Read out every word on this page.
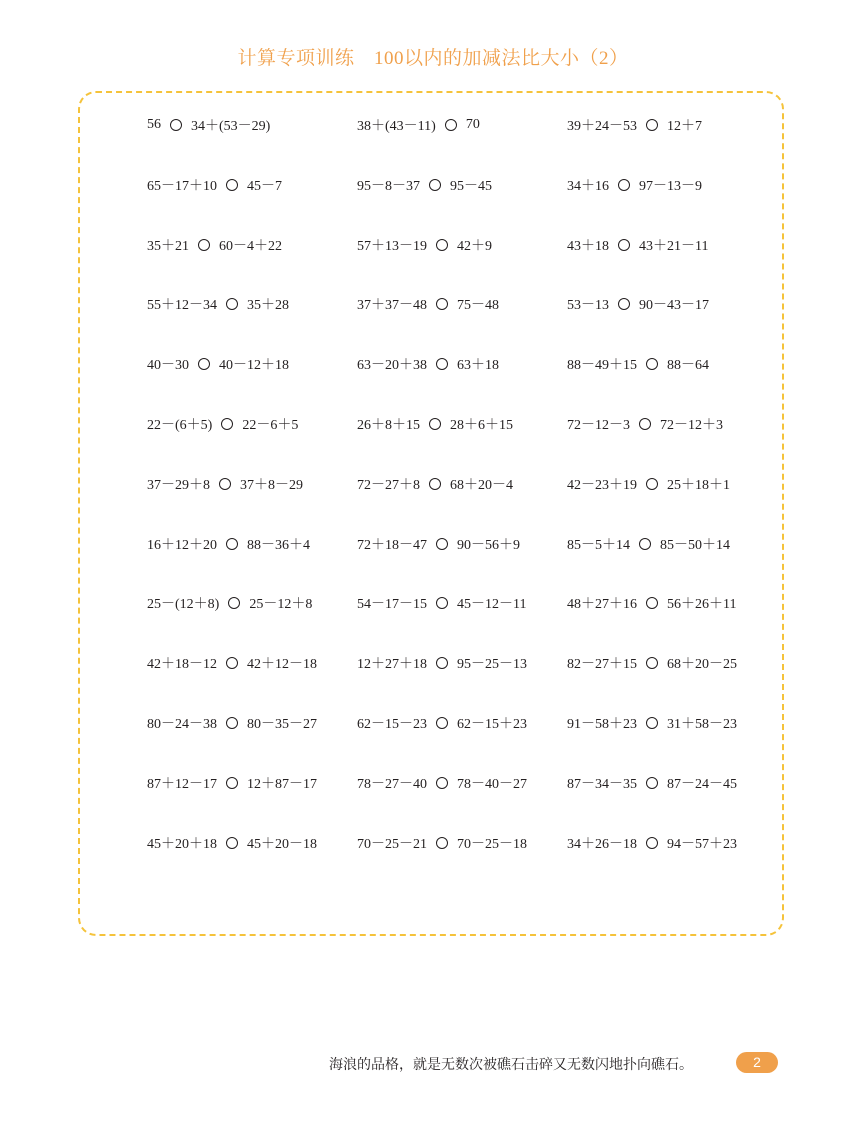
计算专项训练　100以内的加减法比大小（2）
56 34＋(53－29)	38＋(43－11) 70	39＋24－53 12＋7
65－17＋10 45－7	95－8－37 95－45	34＋16 97－13－9
35＋21 60－4＋22	57＋13－19 42＋9	43＋18 43＋21－11
55＋12－34 35＋28	37＋37－48 75－48	53－13 90－43－17
40－30 40－12＋18	63－20＋38 63＋18	88－49＋15 88－64
22－(6＋5) 22－6＋5	26＋8＋15 28＋6＋15	72－12－3 72－12＋3
37－29＋8 37＋8－29	72－27＋8 68＋20－4	42－23＋19 25＋18＋1
16＋12＋20 88－36＋4	72＋18－47 90－56＋9	85－5＋14 85－50＋14
25－(12＋8) 25－12＋8	54－17－15 45－12－11	48＋27＋16 56＋26＋11
42＋18－12 42＋12－18	12＋27＋18 95－25－13	82－27＋15 68＋20－25
80－24－38 80－35－27	62－15－23 62－15＋23	91－58＋23 31＋58－23
87＋12－17 12＋87－17	78－27－40 78－40－27	87－34－35 87－24－45
45＋20＋18 45＋20－18	70－25－21 70－25－18	34＋26－18 94－57＋23
海浪的品格，就是无数次被礁石击碎又无数闪地扑向礁石。	2
